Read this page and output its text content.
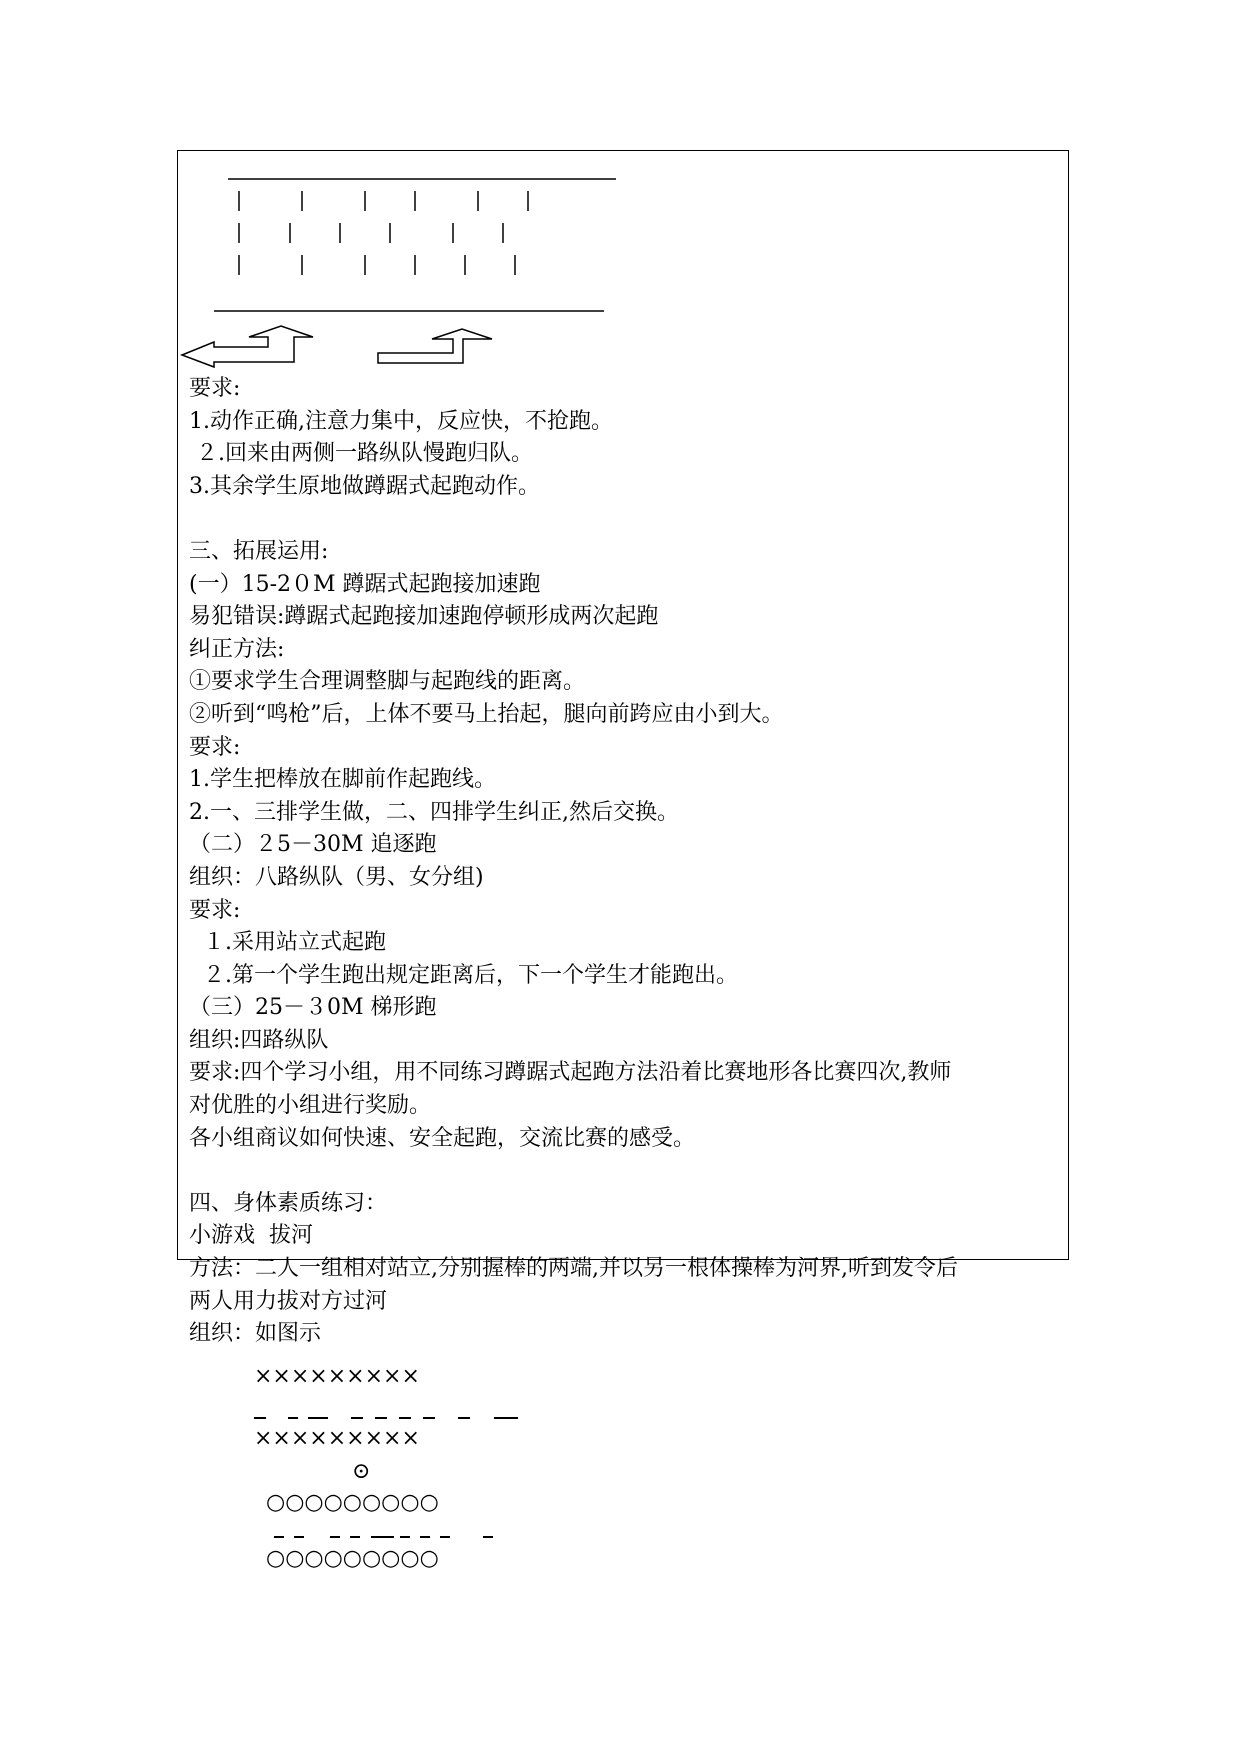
要求:
1.动作正确,注意力集中，反应快，不抢跑。
２.回来由两侧一路纵队慢跑归队。
3.其余学生原地做蹲踞式起跑动作。
三、拓展运用:
(一）15-2０M 蹲踞式起跑接加速跑
易犯错误:蹲踞式起跑接加速跑停顿形成两次起跑
纠正方法:
①要求学生合理调整脚与起跑线的距离。
②听到“鸣枪”后，上体不要马上抬起，腿向前跨应由小到大。
要求:
1.学生把棒放在脚前作起跑线。
2.一、三排学生做，二、四排学生纠正,然后交换。
（二）２5－30M 追逐跑
组织：八路纵队（男、女分组)
要求:
１.采用站立式起跑
２.第一个学生跑出规定距离后，下一个学生才能跑出。
（三）25－３0M 梯形跑
组织:四路纵队
要求:四个学习小组，用不同练习蹲踞式起跑方法沿着比赛地形各比赛四次,教师
对优胜的小组进行奖励。
各小组商议如何快速、安全起跑，交流比赛的感受。
四、身体素质练习：
小游戏  拔河
方法：二人一组相对站立,分别握棒的两端,并以另一根体操棒为河界,听到发令后
两人用力拔对方过河
组织：如图示
×××××××××
×××××××××
⊙
○○○○○○○○○
○○○○○○○○○
